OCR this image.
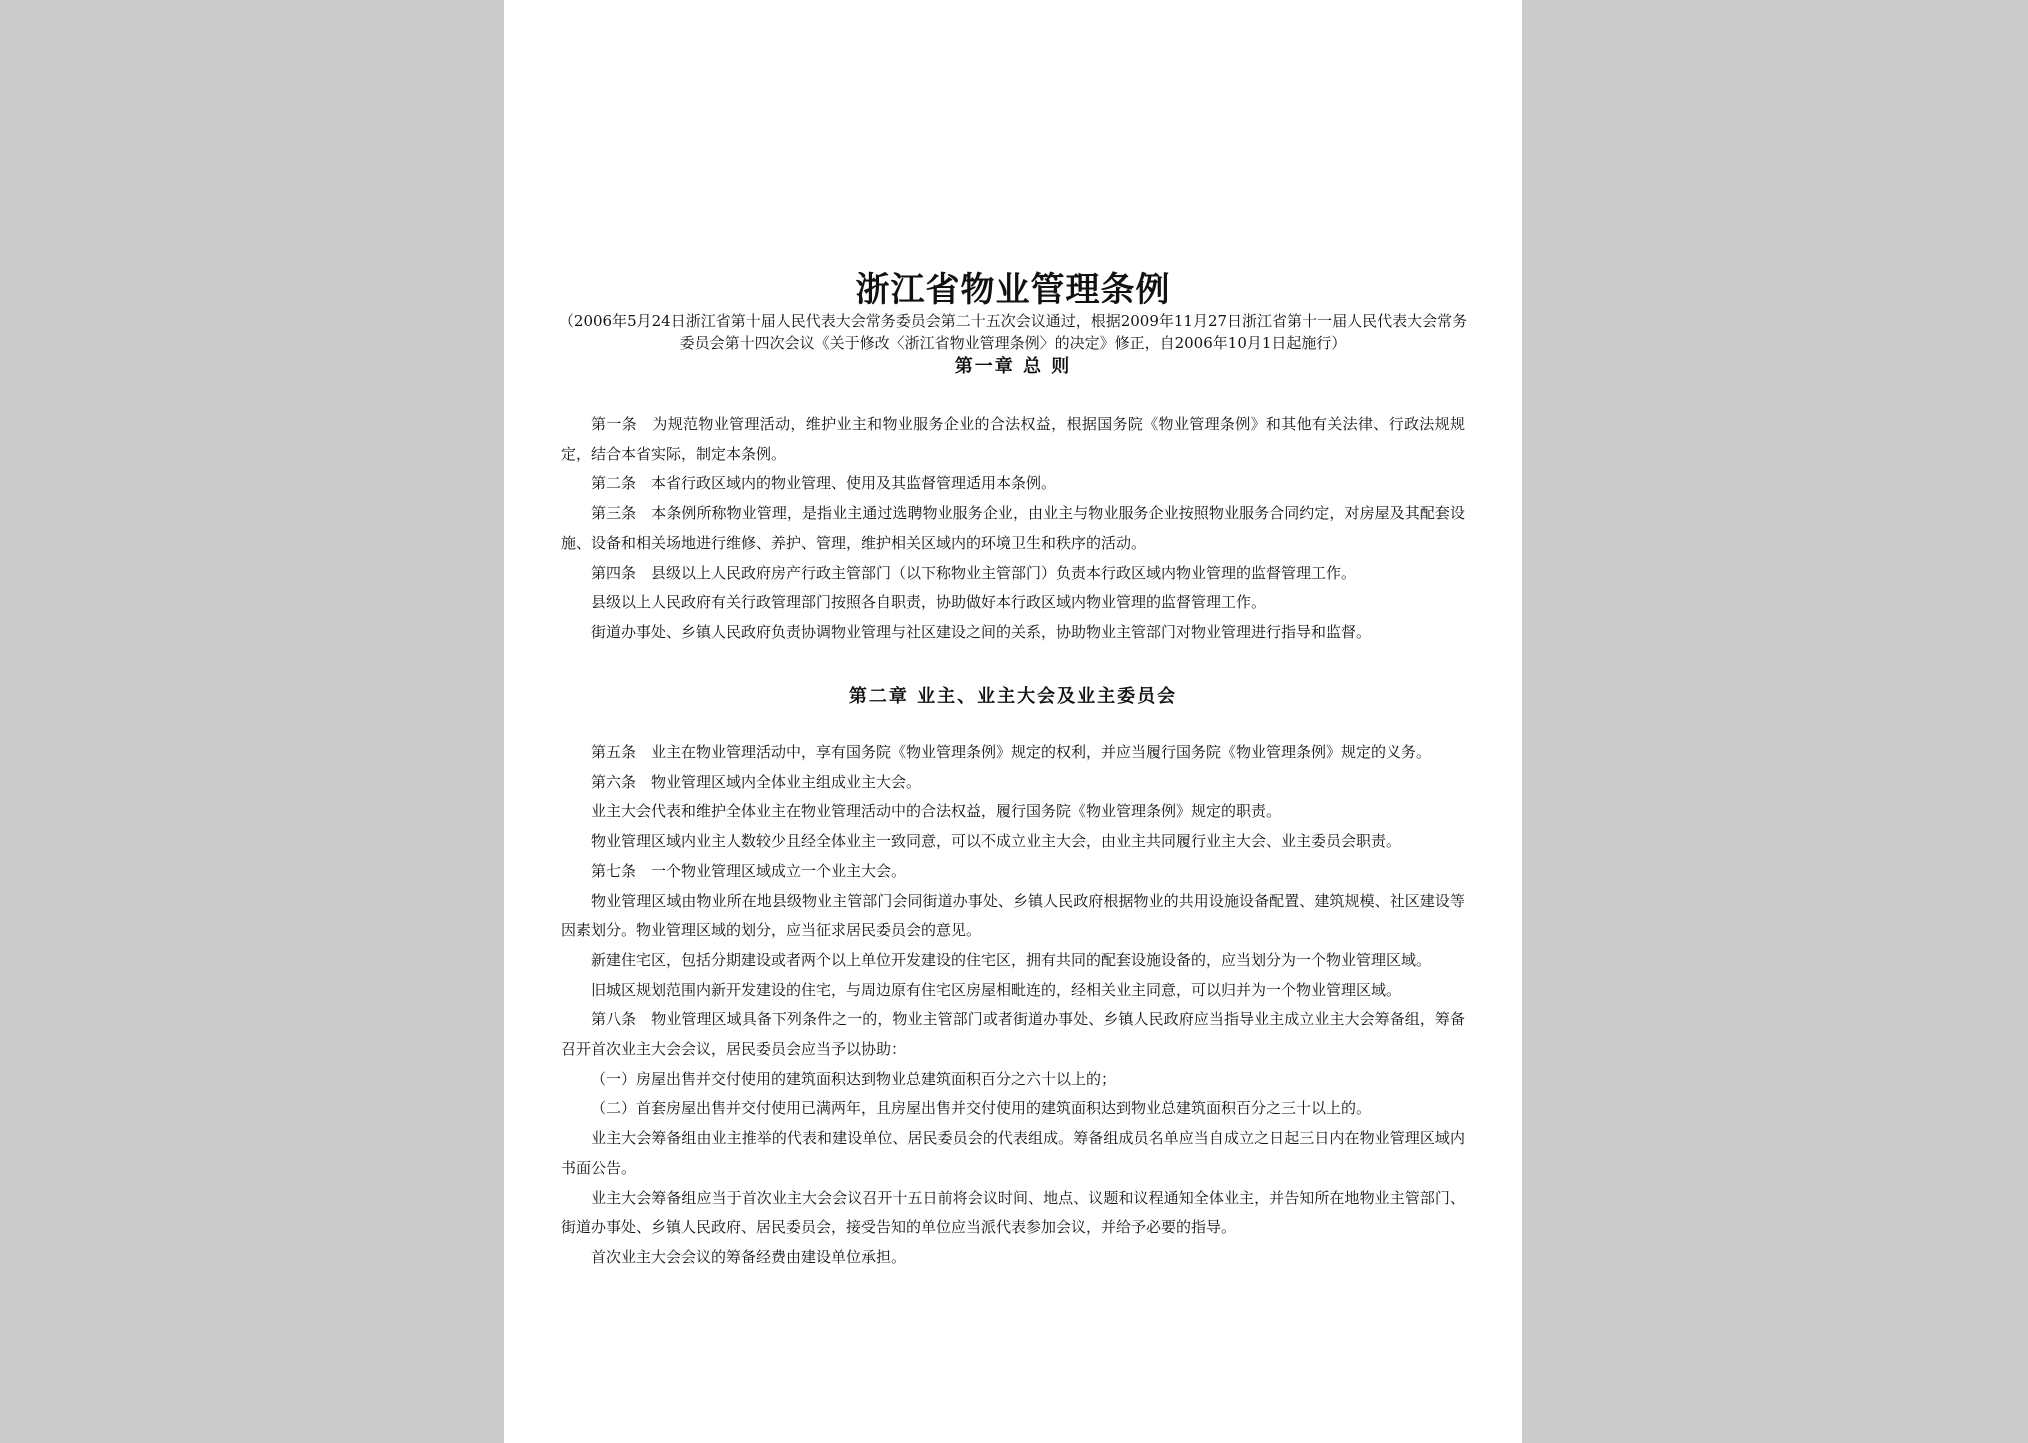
浙江省物业管理条例

（2006年5月24日浙江省第十届人民代表大会常务委员会第二十五次会议通过，根据2009年11月27日浙江省第十一届人民代表大会常务委员会第十四次会议《关于修改〈浙江省物业管理条例〉的决定》修正，自2006年10月1日起施行）

第一章 总 则

第一条　为规范物业管理活动，维护业主和物业服务企业的合法权益，根据国务院《物业管理条例》和其他有关法律、行政法规规定，结合本省实际，制定本条例。

第二条　本省行政区域内的物业管理、使用及其监督管理适用本条例。

第三条　本条例所称物业管理，是指业主通过选聘物业服务企业，由业主与物业服务企业按照物业服务合同约定，对房屋及其配套设施、设备和相关场地进行维修、养护、管理，维护相关区域内的环境卫生和秩序的活动。

第四条　县级以上人民政府房产行政主管部门（以下称物业主管部门）负责本行政区域内物业管理的监督管理工作。

县级以上人民政府有关行政管理部门按照各自职责，协助做好本行政区域内物业管理的监督管理工作。

街道办事处、乡镇人民政府负责协调物业管理与社区建设之间的关系，协助物业主管部门对物业管理进行指导和监督。

第二章 业主、业主大会及业主委员会

第五条　业主在物业管理活动中，享有国务院《物业管理条例》规定的权利，并应当履行国务院《物业管理条例》规定的义务。

第六条　物业管理区域内全体业主组成业主大会。

业主大会代表和维护全体业主在物业管理活动中的合法权益，履行国务院《物业管理条例》规定的职责。

物业管理区域内业主人数较少且经全体业主一致同意，可以不成立业主大会，由业主共同履行业主大会、业主委员会职责。

第七条　一个物业管理区域成立一个业主大会。

物业管理区域由物业所在地县级物业主管部门会同街道办事处、乡镇人民政府根据物业的共用设施设备配置、建筑规模、社区建设等因素划分。物业管理区域的划分，应当征求居民委员会的意见。

新建住宅区，包括分期建设或者两个以上单位开发建设的住宅区，拥有共同的配套设施设备的，应当划分为一个物业管理区域。

旧城区规划范围内新开发建设的住宅，与周边原有住宅区房屋相毗连的，经相关业主同意，可以归并为一个物业管理区域。

第八条　物业管理区域具备下列条件之一的，物业主管部门或者街道办事处、乡镇人民政府应当指导业主成立业主大会筹备组，筹备召开首次业主大会会议，居民委员会应当予以协助：

（一）房屋出售并交付使用的建筑面积达到物业总建筑面积百分之六十以上的；

（二）首套房屋出售并交付使用已满两年，且房屋出售并交付使用的建筑面积达到物业总建筑面积百分之三十以上的。

业主大会筹备组由业主推举的代表和建设单位、居民委员会的代表组成。筹备组成员名单应当自成立之日起三日内在物业管理区域内书面公告。

业主大会筹备组应当于首次业主大会会议召开十五日前将会议时间、地点、议题和议程通知全体业主，并告知所在地物业主管部门、街道办事处、乡镇人民政府、居民委员会，接受告知的单位应当派代表参加会议，并给予必要的指导。

首次业主大会会议的筹备经费由建设单位承担。
